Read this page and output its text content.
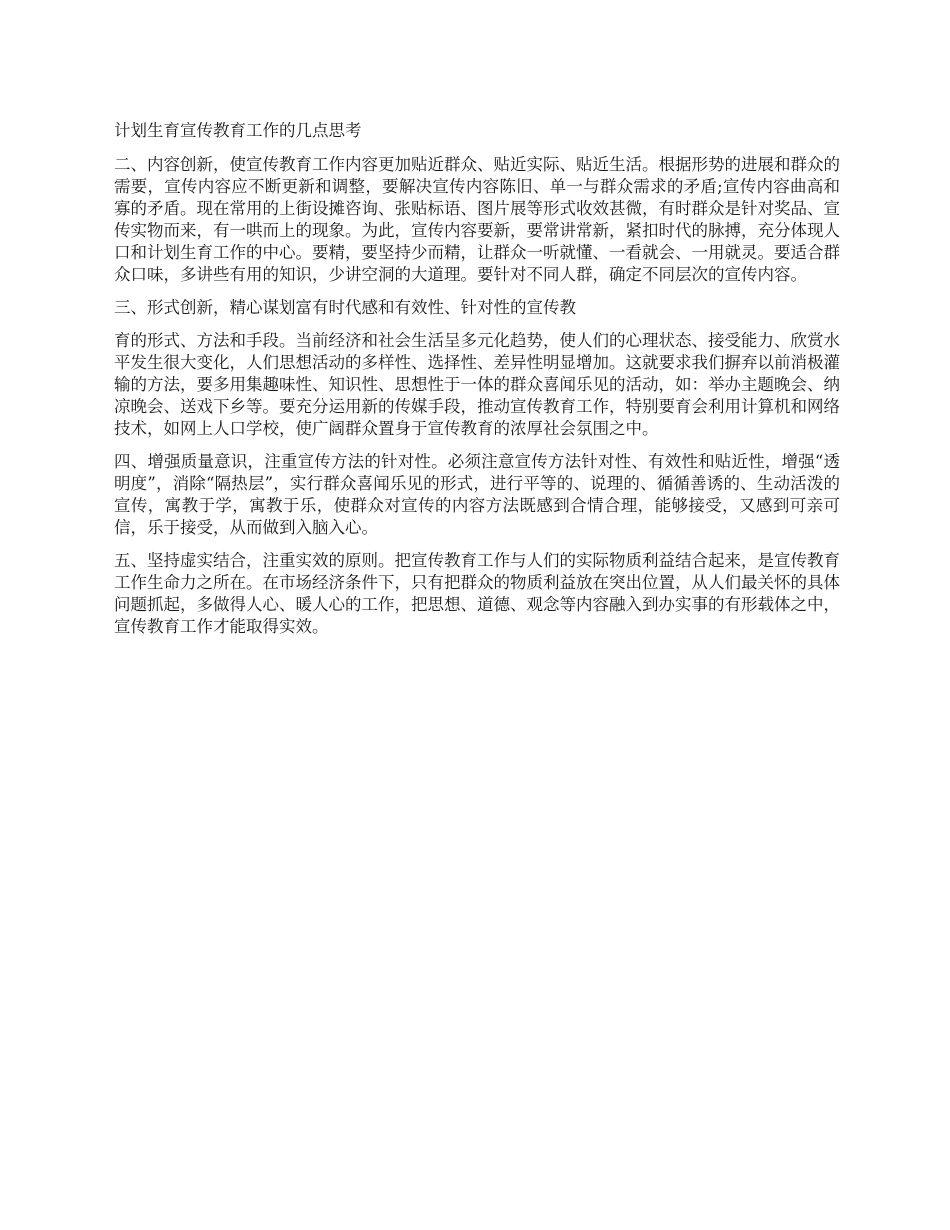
计划生育宣传教育工作的几点思考

二、内容创新，使宣传教育工作内容更加贴近群众、贴近实际、贴近生活。根据形势的进展和群众的需要，宣传内容应不断更新和调整，要解决宣传内容陈旧、单一与群众需求的矛盾;宣传内容曲高和寡的矛盾。现在常用的上街设摊咨询、张贴标语、图片展等形式收效甚微，有时群众是针对奖品、宣传实物而来，有一哄而上的现象。为此，宣传内容要新，要常讲常新，紧扣时代的脉搏，充分体现人口和计划生育工作的中心。要精，要坚持少而精，让群众一听就懂、一看就会、一用就灵。要适合群众口味，多讲些有用的知识，少讲空洞的大道理。要针对不同人群，确定不同层次的宣传内容。

三、形式创新，精心谋划富有时代感和有效性、针对性的宣传教

育的形式、方法和手段。当前经济和社会生活呈多元化趋势，使人们的心理状态、接受能力、欣赏水平发生很大变化，人们思想活动的多样性、选择性、差异性明显增加。这就要求我们摒弃以前消极灌输的方法，要多用集趣味性、知识性、思想性于一体的群众喜闻乐见的活动，如：举办主题晚会、纳凉晚会、送戏下乡等。要充分运用新的传媒手段，推动宣传教育工作，特别要育会利用计算机和网络技术，如网上人口学校，使广阔群众置身于宣传教育的浓厚社会氛围之中。

四、增强质量意识，注重宣传方法的针对性。必须注意宣传方法针对性、有效性和贴近性，增强“透明度”，消除“隔热层”，实行群众喜闻乐见的形式，进行平等的、说理的、循循善诱的、生动活泼的宣传，寓教于学，寓教于乐，使群众对宣传的内容方法既感到合情合理，能够接受，又感到可亲可信，乐于接受，从而做到入脑入心。

五、坚持虚实结合，注重实效的原则。把宣传教育工作与人们的实际物质利益结合起来，是宣传教育工作生命力之所在。在市场经济条件下，只有把群众的物质利益放在突出位置，从人们最关怀的具体问题抓起，多做得人心、暖人心的工作，把思想、道德、观念等内容融入到办实事的有形载体之中，宣传教育工作才能取得实效。
